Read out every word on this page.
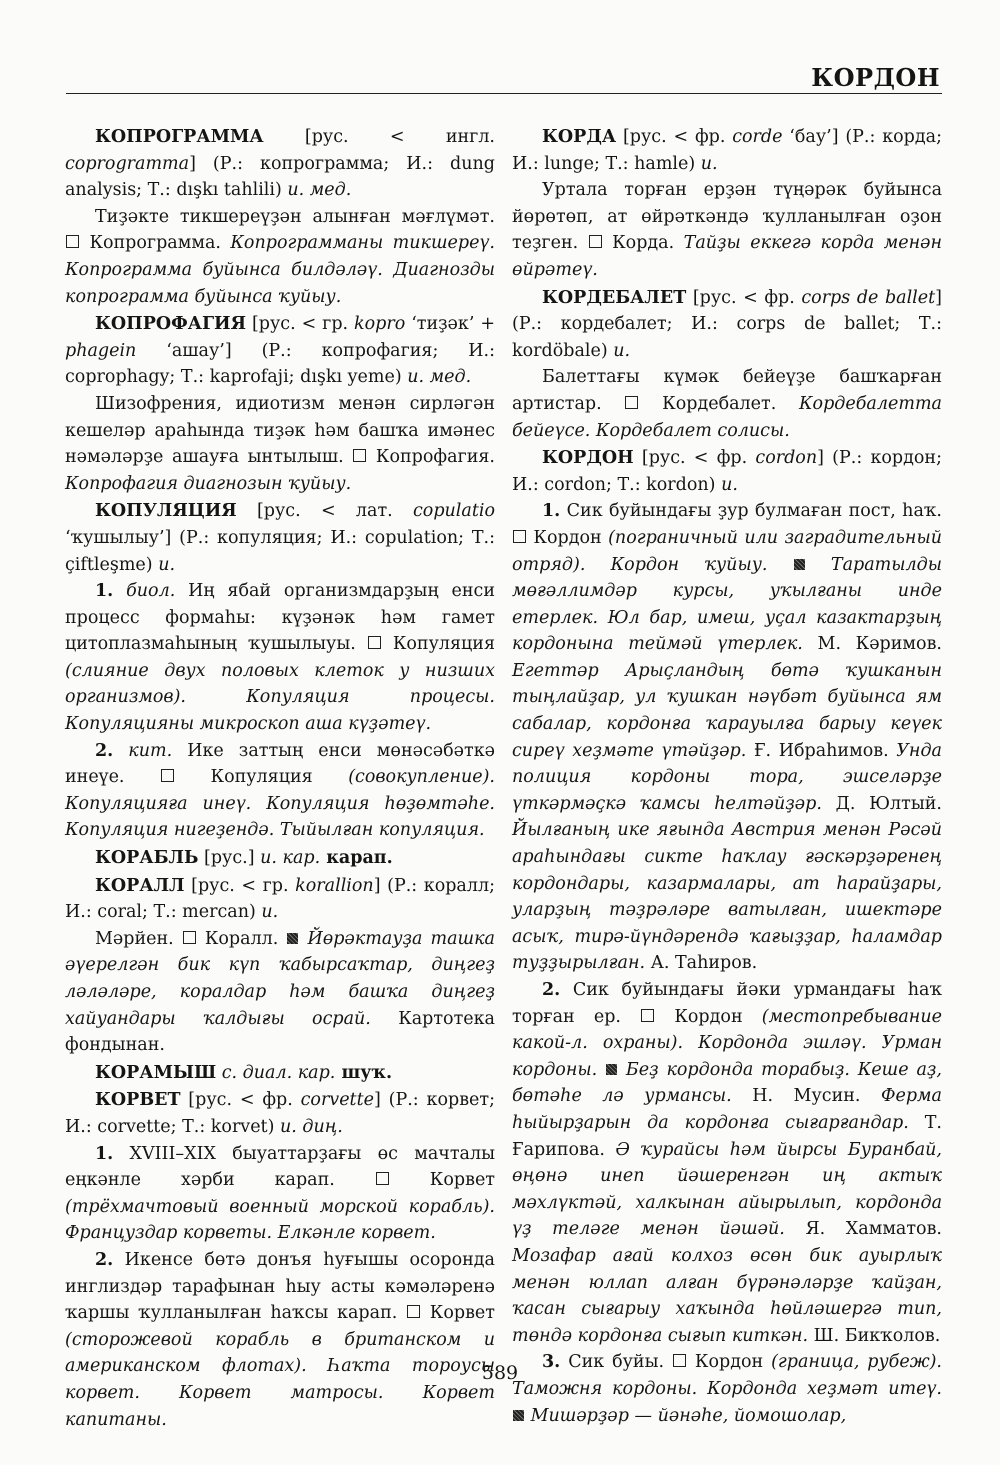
КОРДОН

КОПРОГРАММА [рус. < ингл. coprogramma] (Р.: копрограмма; И.: dung analysis; Т.: dışkı tahlili) и. мед.

Тиҙәкте тикшереүҙән алынған мәғлүмәт.  Копрограмма. Копрограмманы тикшереү. Копрограмма буйынса билдәләү. Диагнозды копрограмма буйынса ҡуйыу.

КОПРОФАГИЯ [рус. < гр. kopro ‘тиҙәк’ + phagein ‘ашау’] (Р.: копрофагия; И.: coprophagy; Т.: kaprofaji; dışkı yeme) и. мед.

Шизофрения, идиотизм менән сирләгән кешеләр араһында тиҙәк һәм башҡа имәнес нәмәләрҙе ашауға ынтылыш.  Копрофагия. Копрофагия диагнозын ҡуйыу.

КОПУЛЯЦИЯ [рус. < лат. copulatio ‘ҡушылыу’] (Р.: копуляция; И.: copulation; Т.: çiftleşme) и.

1. биол. Иң ябай организмдарҙың енси процесс формаһы: күҙәнәк һәм гамет цитоплазмаһының ҡушылыуы.  Копуляция (слияние двух половых клеток у низших организмов). Копуляция процесы. Копуляцияны микроскоп аша күҙәтеү.

2. кит. Ике заттың енси мөнәсәбәткә инеүе.	Копуляция (совокупление). Копуляцияға инеү. Копуляция һөҙөмтәһе. Копуляция нигеҙендә. Тыйылған копуляция.

КОРАБЛЬ [рус.] и. кар. карап.

КОРАЛЛ [рус. < гр. korallion] (Р.: коралл; И.: coral; Т.: mercan) и.

Мәрйен.  Коралл.  Йөрәктауҙа ташка әүерелгән бик күп ҡабырсаҡтар, диңгеҙ ләләләре, коралдар һәм башҡа диңгеҙ хайуандары ҡалдығы осрай. Картотека фондынан.

КОРАМЫШ с. диал. кар. шуҡ.

КОРВЕТ [рус. < фр. corvette] (Р.: корвет; И.: corvette; Т.: korvet) и. диң.

1. XVIII–XIX быуаттарҙағы өс мачталы еңкәнле хәрби карап.	Корвет (трёхмачтовый военный морской корабль). Француздар корветы. Елкәнле корвет.

2. Икенсе бөтә донъя һуғышы осоронда инглиздәр тарафынан һыу асты кәмәләренә ҡаршы ҡулланылған һаҡсы карап.  Корвет (сторожевой корабль в британском и американском флотах). Һаҡта тороусы корвет. Корвет матросы. Корвет капитаны.

КОРДА [рус. < фр. corde ‘бау’] (Р.: корда; И.: lunge; Т.: hamle) и.

Уртала торған ерҙән түңәрәк буйынса йөрөтөп, ат өйрәткәндә ҡулланылған оҙон теҙген.  Корда. Тайҙы еккегә корда менән өйрәтеү.

КОРДЕБАЛЕТ [рус. < фр. corps de ballet] (Р.: кордебалет; И.: corps de ballet; Т.: kordöbale) и.

Балеттағы күмәк бейеүҙе башҡарған артистар.  Кордебалет. Кордебалетта бейеүсе. Кордебалет солисы.

КОРДОН [рус. < фр. cordon] (Р.: кордон; И.: cordon; Т.: kordon) и.

1. Сик буйындағы ҙур булмаған пост, һаҡ.  Кордон (пограничный или заградительный отряд). Кордон ҡуйыу.  Таратылды мөғәллимдәр курсы, уҡылғаны инде етерлек. Юл бар, имеш, уҫал казактарҙың кордонына теймәй үтерлек. М. Кәримов. Егеттәр Арыҫландың бөтә ҡушканын тыңлайҙар, ул ҡушкан нәүбәт буйынса ям сабалар, кордонға ҡарауылға барыу кеүек сиреү хеҙмәте үтәйҙәр. Ғ. Ибраһимов. Унда полиция кордоны тора, эшселәрҙе үткәрмәҫкә ҡамсы һелтәйҙәр. Д. Юлтый. Йылғаның ике яғында Австрия менән Рәсәй араһындағы сикте һаҡлау ғәскәрҙәренең кордондары, казармалары, ат һарайҙары, уларҙың тәҙрәләре ватылған, ишектәре асыҡ, тирә-йүндәрендә ҡағыҙҙар, һаламдар туҙҙырылған. А. Таһиров.

2. Сик буйындағы йәки урмандағы һаҡ торған ер.  Кордон (местопребывание какой-л. охраны). Кордонда эшләү. Урман кордоны.  Беҙ кордонда торабыҙ. Кеше аҙ, бөтәһе лә урмансы. Н. Мусин. Ферма һыйырҙарын да кордонға сығарғандар. Т. Ғарипова. Ә ҡурайсы һәм йырсы Буранбай, өңөнә инеп йәшеренгән иң актыҡ мәхлүктәй, халкынан айырылып, кордонда үҙ теләге менән йәшәй. Я. Хамматов. Мозафар ағай колхоз өсөн бик ауырлыҡ менән юллап алған бүрәнәләрҙе ҡайҙан, ҡасан сығарыу хаҡында һөйләшергә тип, төндә кордонға сығып киткән. Ш. Бикҡолов.

3. Сик буйы.  Кордон (граница, рубеж). Таможня кордоны. Кордонда хеҙмәт итеү.  Мишәрҙәр — йәнәһе, йомошолар,

589
